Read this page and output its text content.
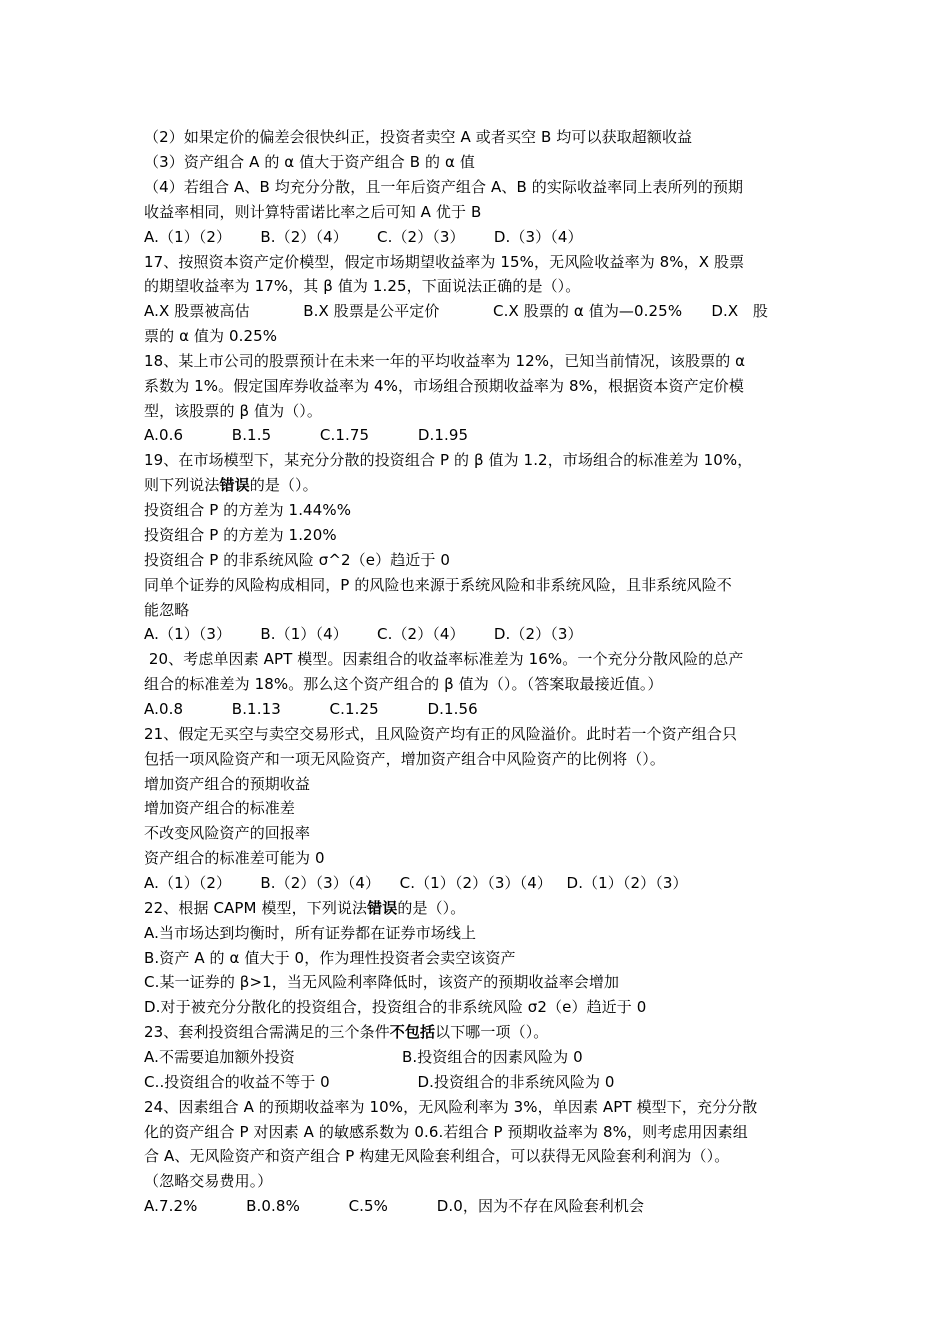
（2）如果定价的偏差会很快纠正，投资者卖空 A 或者买空 B 均可以获取超额收益
（3）资产组合 A 的 α 值大于资产组合 B 的 α 值
（4）若组合 A、B 均充分分散，且一年后资产组合 A、B 的实际收益率同上表所列的预期
收益率相同，则计算特雷诺比率之后可知 A 优于 B
A.（1）（2）      B.（2）（4）      C.（2）（3）      D.（3）（4）
17、按照资本资产定价模型，假定市场期望收益率为 15%，无风险收益率为 8%，X 股票
的期望收益率为 17%，其 β 值为 1.25，下面说法正确的是（）。
A.X 股票被高估           B.X 股票是公平定价           C.X 股票的 α 值为—0.25%      D.X   股
票的 α 值为 0.25%
18、某上市公司的股票预计在未来一年的平均收益率为 12%，已知当前情况，该股票的 α
系数为 1%。假定国库券收益率为 4%，市场组合预期收益率为 8%，根据资本资产定价模
型，该股票的 β 值为（）。
A.0.6          B.1.5          C.1.75          D.1.95
19、在市场模型下，某充分分散的投资组合 P 的 β 值为 1.2，市场组合的标准差为 10%，
则下列说法错误的是（）。
投资组合 P 的方差为 1.44%%
投资组合 P 的方差为 1.20%
投资组合 P 的非系统风险 σ^2（e）趋近于 0
同单个证券的风险构成相同，P 的风险也来源于系统风险和非系统风险，且非系统风险不
能忽略
A.（1）（3）      B.（1）（4）      C.（2）（4）      D.（2）（3）
20、考虑单因素 APT 模型。因素组合的收益率标准差为 16%。一个充分分散风险的总产
组合的标准差为 18%。那么这个资产组合的 β 值为（）。（答案取最接近值。）
A.0.8          B.1.13          C.1.25          D.1.56
21、假定无买空与卖空交易形式，且风险资产均有正的风险溢价。此时若一个资产组合只
包括一项风险资产和一项无风险资产，增加资产组合中风险资产的比例将（）。
增加资产组合的预期收益
增加资产组合的标准差
不改变风险资产的回报率
资产组合的标准差可能为 0
A.（1）（2）      B.（2）（3）（4）    C.（1）（2）（3）（4）   D.（1）（2）（3）
22、根据 CAPM 模型，下列说法错误的是（）。
A.当市场达到均衡时，所有证券都在证券市场线上
B.资产 A 的 α 值大于 0，作为理性投资者会卖空该资产
C.某一证券的 β>1，当无风险利率降低时，该资产的预期收益率会增加
D.对于被充分分散化的投资组合，投资组合的非系统风险 σ2（e）趋近于 0
23、套利投资组合需满足的三个条件不包括以下哪一项（）。
A.不需要追加额外投资                      B.投资组合的因素风险为 0
C..投资组合的收益不等于 0                  D.投资组合的非系统风险为 0
24、因素组合 A 的预期收益率为 10%，无风险利率为 3%，单因素 APT 模型下，充分分散
化的资产组合 P 对因素 A 的敏感系数为 0.6.若组合 P 预期收益率为 8%，则考虑用因素组
合 A、无风险资产和资产组合 P 构建无风险套利组合，可以获得无风险套利利润为（）。
（忽略交易费用。）
A.7.2%          B.0.8%          C.5%          D.0，因为不存在风险套利机会
